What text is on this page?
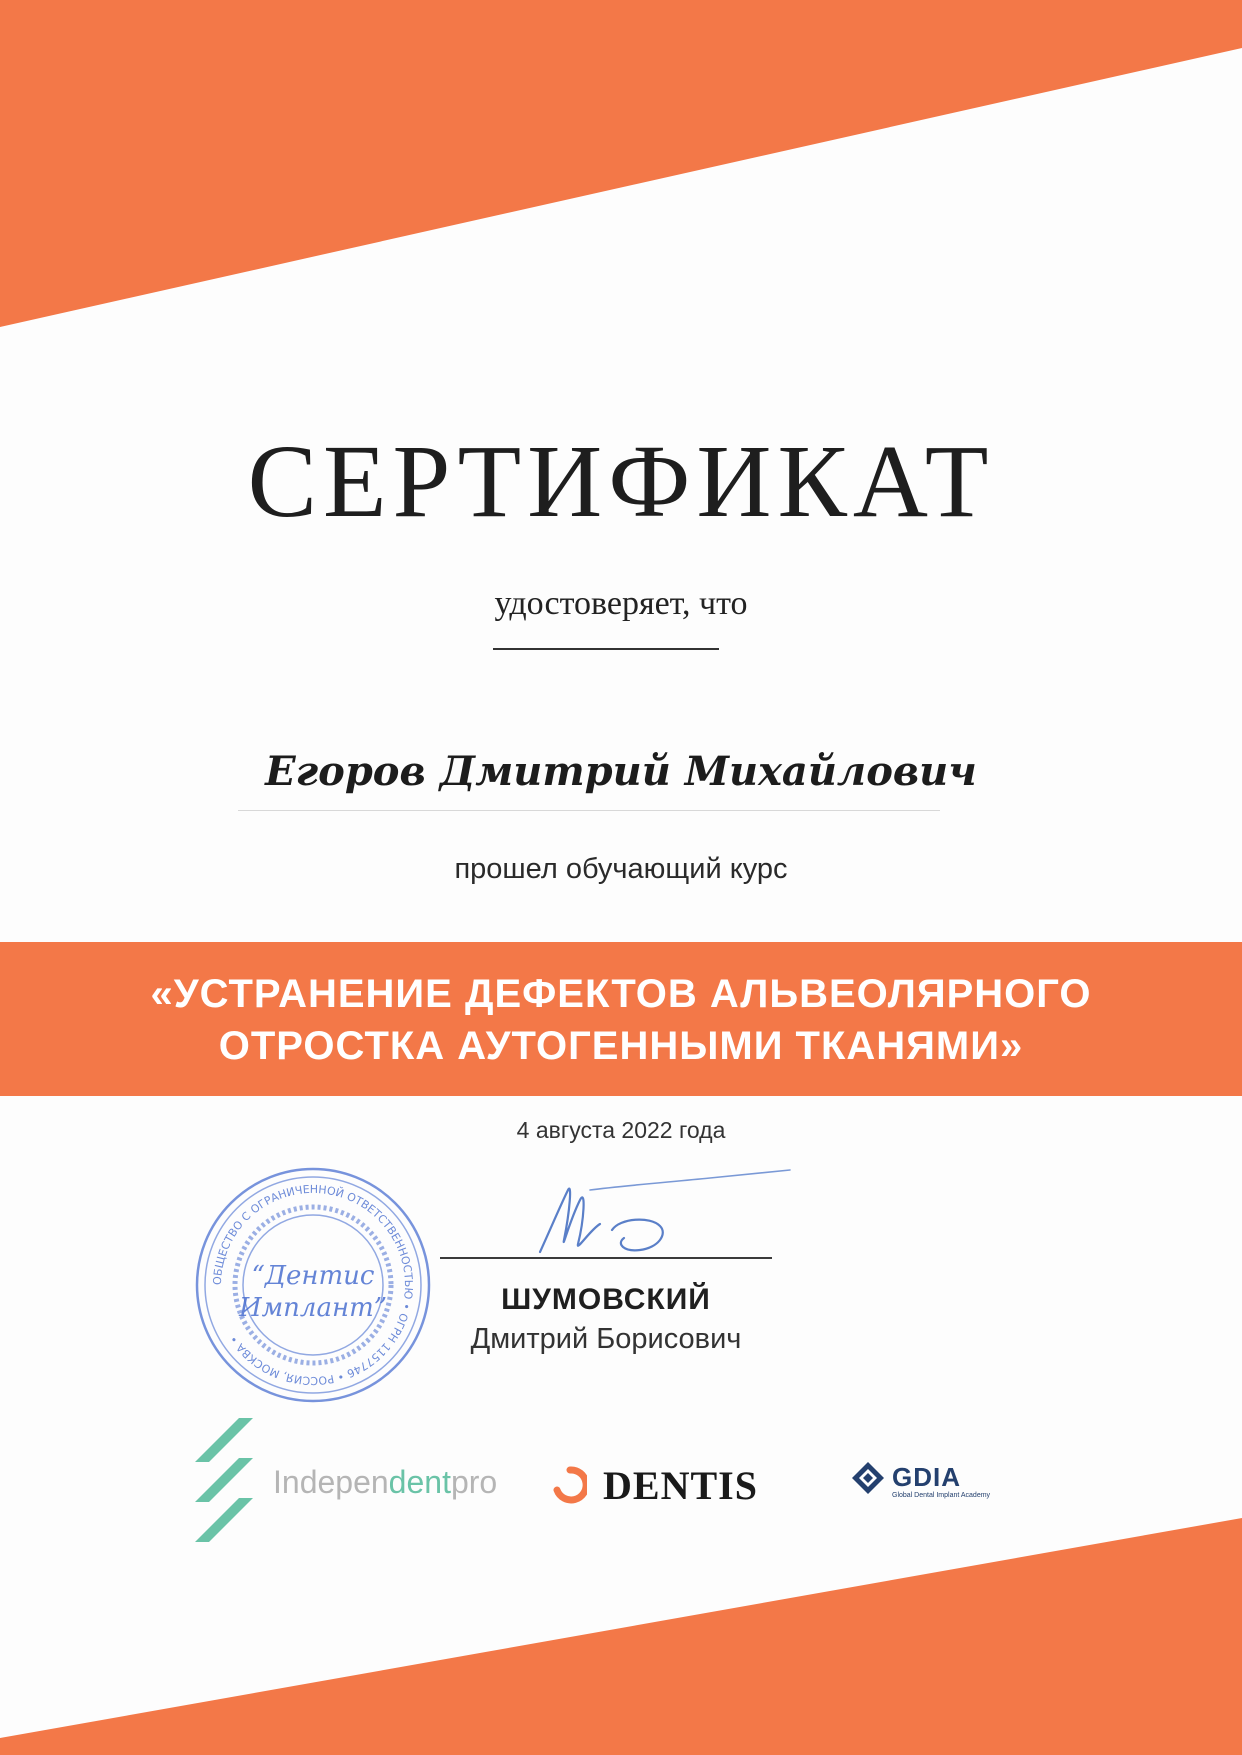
СЕРТИФИКАТ
удостоверяет, что
Егоров Дмитрий Михайлович
прошел обучающий курс
«УСТРАНЕНИЕ ДЕФЕКТОВ АЛЬВЕОЛЯРНОГО
ОТРОСТКА АУТОГЕННЫМИ ТКАНЯМИ»
4 августа 2022 года
ОБЩЕСТВО С ОГРАНИЧЕННОЙ ОТВЕТСТВЕННОСТЬЮ • ОГРН 1157746 • РОССИЯ, МОСКВА •
“Дентис
Имплант”	ШУМОВСКИЙ
Дмитрий Борисович
Independentpro	DENTIS	GDIA
Global Dental Implant Academy
